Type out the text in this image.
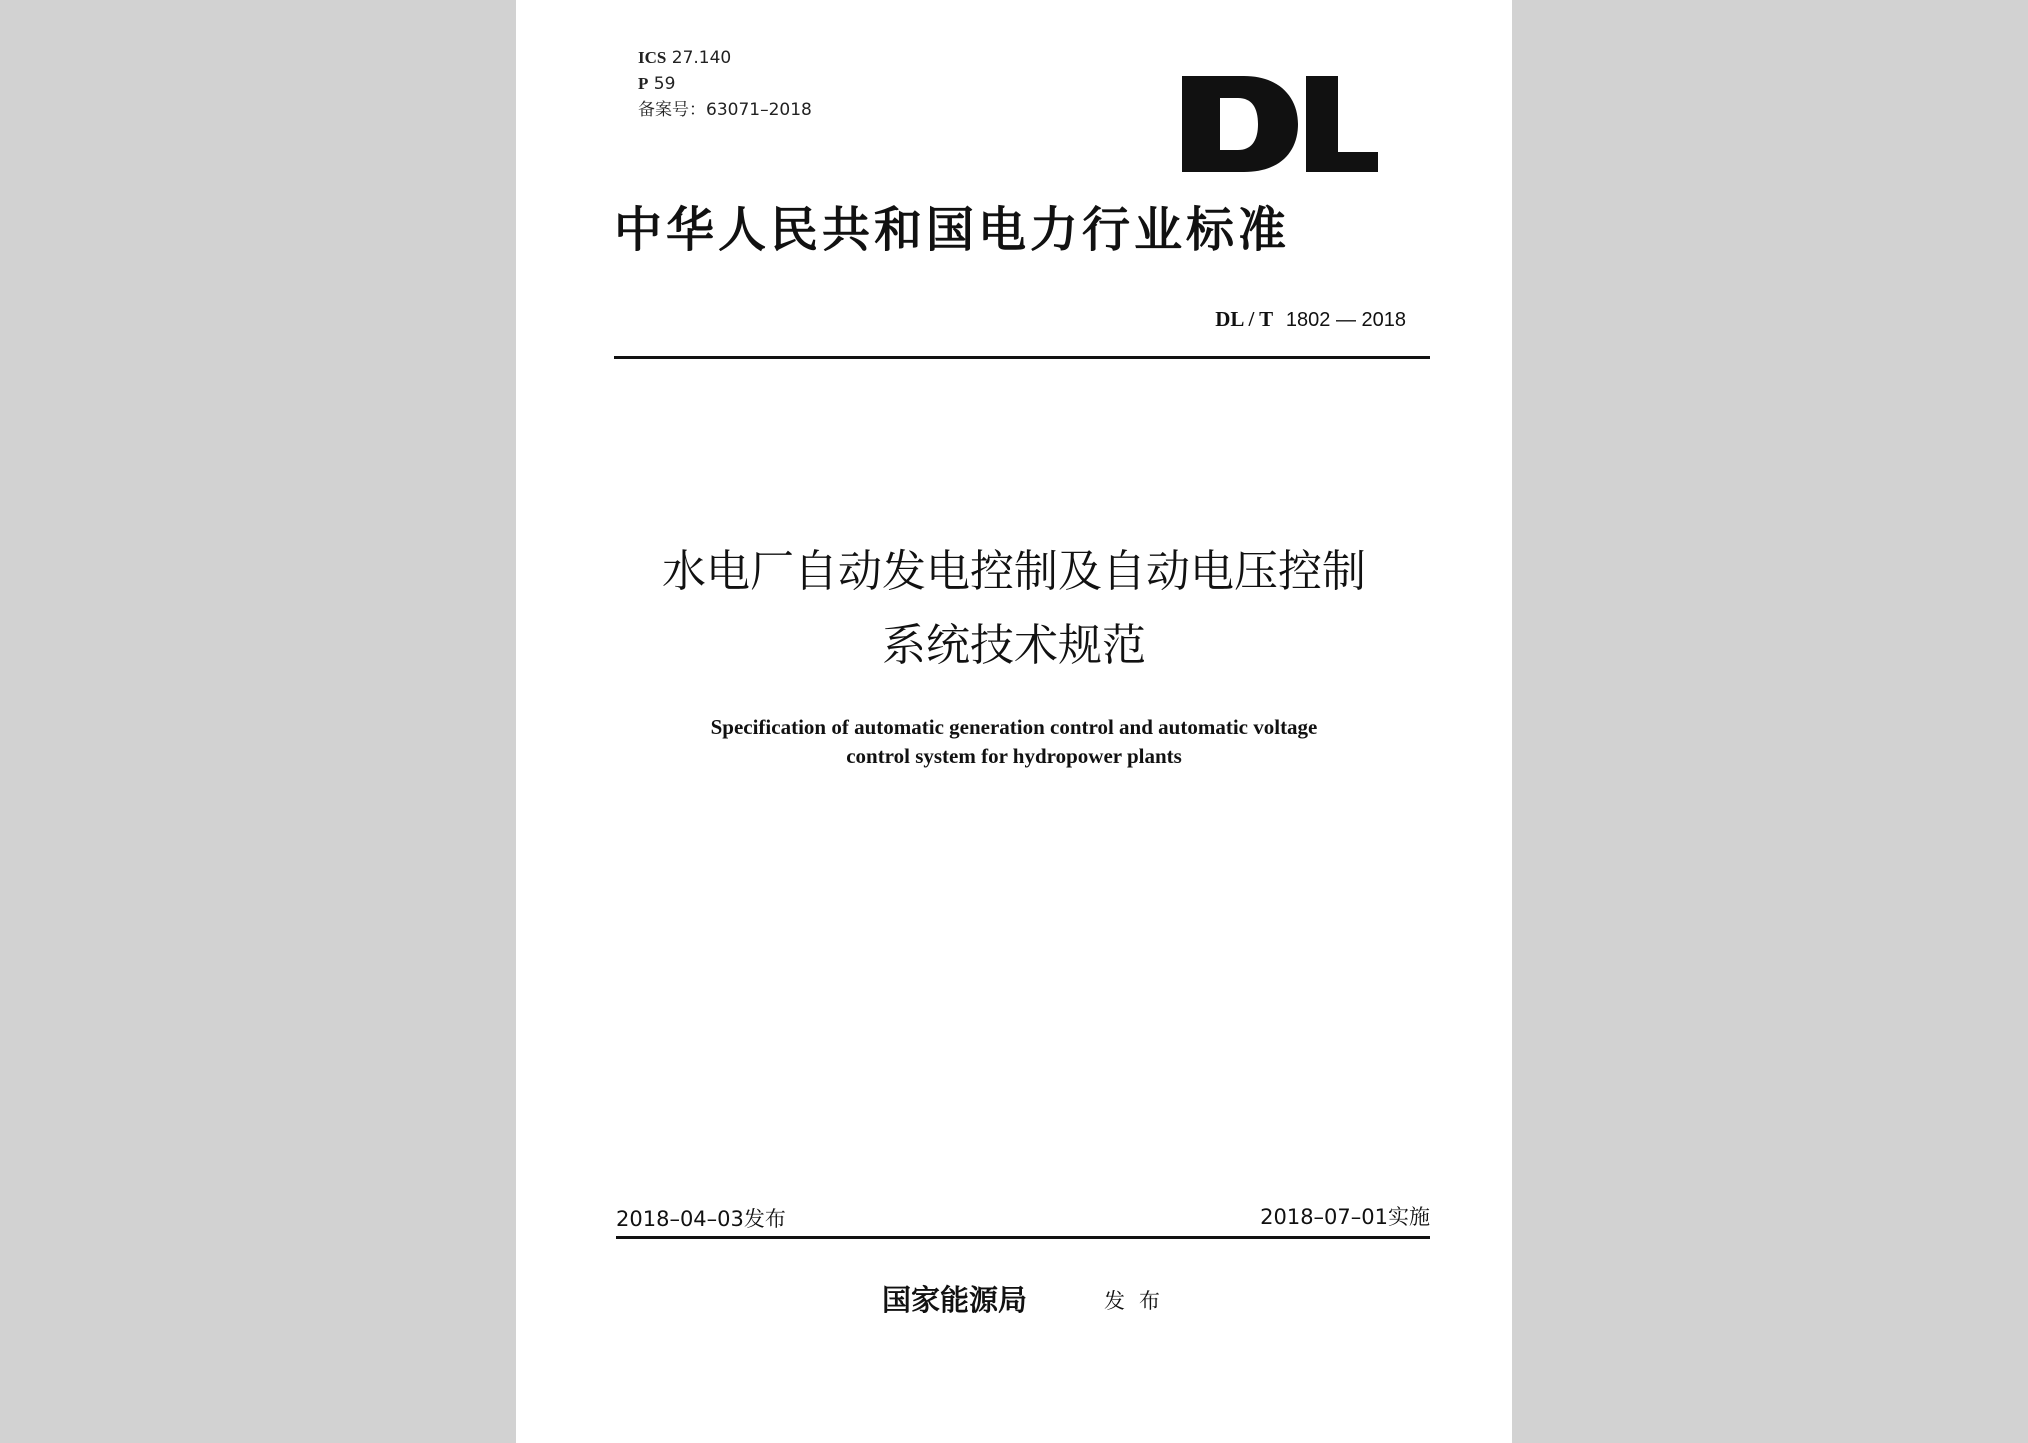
ICS 27.140
P 59
备案号：63071–2018
中华人民共和国电力行业标准
DL / T 1802 — 2018
水电厂自动发电控制及自动电压控制
系统技术规范
Specification of automatic generation control and automatic voltage
control system for hydropower plants
2018–04–03发布	2018–07–01实施
国家能源局	发布
